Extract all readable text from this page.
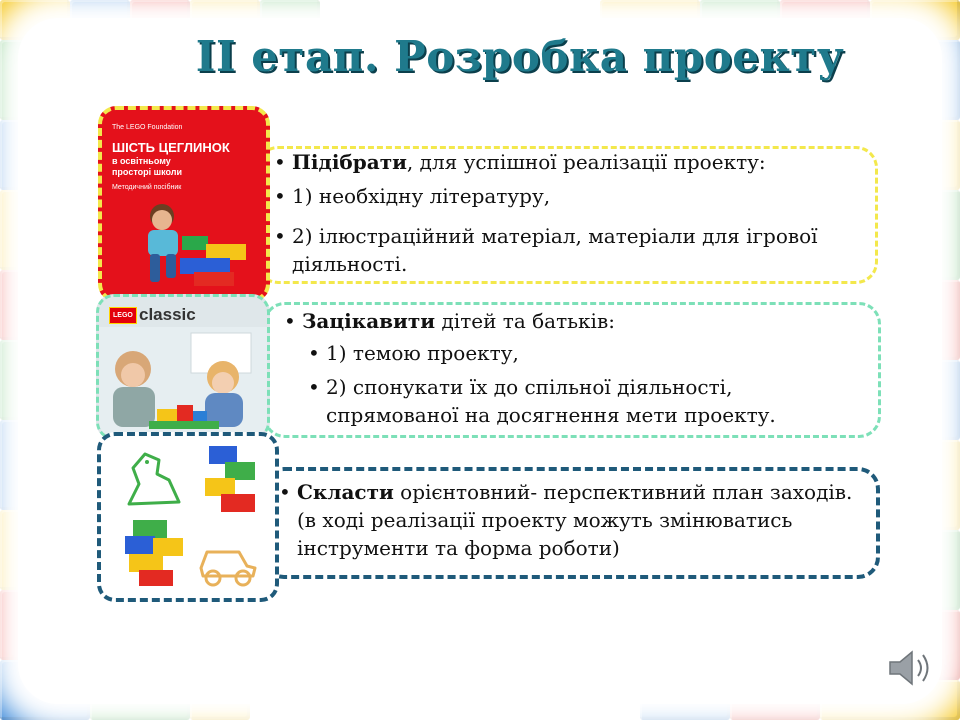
II етап. Розробка проекту
The LEGO Foundation
ШІСТЬ ЦЕГЛИНОК
в освітньому
просторі школи
Методичний посібник
LEGO classic
• Підібрати, для успішної реалізації проекту:
• 1) необхідну літературу,
• 2) ілюстраційний матеріал, матеріали для ігрової діяльності.
• Зацікавити дітей та батьків:
• 1) темою проекту,
• 2) спонукати їх до спільної діяльності, спрямованої на досягнення мети проекту.
• Скласти орієнтовний- перспективний план заходів. (в ході реалізації проекту можуть змінюватись інструменти та форма роботи)
